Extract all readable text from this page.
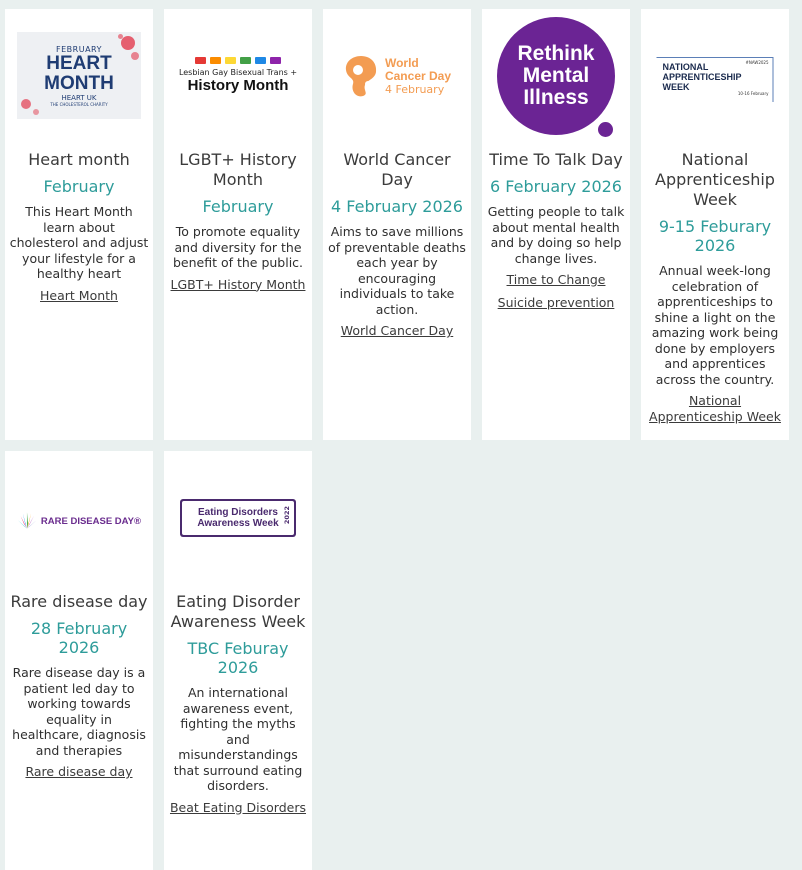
FEBRUARY
HEART
MONTH
HEART UK
THE CHOLESTEROL CHARITY

Heart month

February

This Heart Month learn about cholesterol and adjust your lifestyle for a healthy heart

Heart Month
Lesbian Gay Bisexual Trans +
History Month

LGBT+ History Month

February

To promote equality and diversity for the benefit of the public.

LGBT+ History Month
World
Cancer Day
4 February

World Cancer Day

4 February 2026

Aims to save millions of preventable deaths each year by encouraging individuals to take action.

World Cancer Day
Rethink
Mental
Illness

Time To Talk Day

6 February 2026

Getting people to talk about mental health and by doing so help change lives.

Time to Change
Suicide prevention
#NAW2025
NATIONAL
APPRENTICESHIP
WEEK
10-16 February

National Apprenticeship Week

9-15 Feburary 2026

Annual week-long celebration of apprenticeships to shine a light on the amazing work being done by employers and apprentices across the country.

National Apprenticeship Week
RARE DISEASE DAY®

Rare disease day

28 February 2026

Rare disease day is a patient led day to working towards equality in healthcare, diagnosis and therapies

Rare disease day
Eating Disorders
Awareness Week 2022

Eating Disorder Awareness Week

TBC Feburay 2026

An international awareness event, fighting the myths and misunderstandings that surround eating disorders.

Beat Eating Disorders
